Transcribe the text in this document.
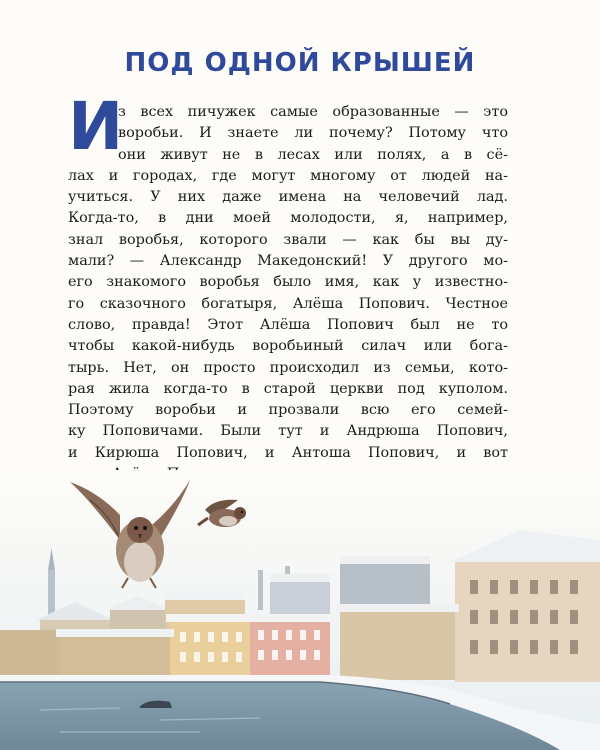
ПОД ОДНОЙ КРЫШЕЙ
И
з всех пичужек самые образованные — это
воробьи. И знаете ли почему? Потому что
они живут не в лесах или полях, а в сё-
лах и городах, где могут многому от людей на-
учиться. У них даже имена на человечий лад.
Когда-то, в дни моей молодости, я, например,
знал воробья, которого звали — как бы вы ду-
мали? — Александр Македонский! У другого мо-
его знакомого воробья было имя, как у известно-
го сказочного богатыря, Алёша Попович. Честное
слово, правда! Этот Алёша Попович был не то
чтобы какой-нибудь воробьиный силач или бога-
тырь. Нет, он просто происходил из семьи, кото-
рая жила когда-то в старой церкви под куполом.
Поэтому воробьи и прозвали всю его семей-
ку Поповичами. Были тут и Андрюша Попович,
и Кирюша Попович, и Антоша Попович, и вот
